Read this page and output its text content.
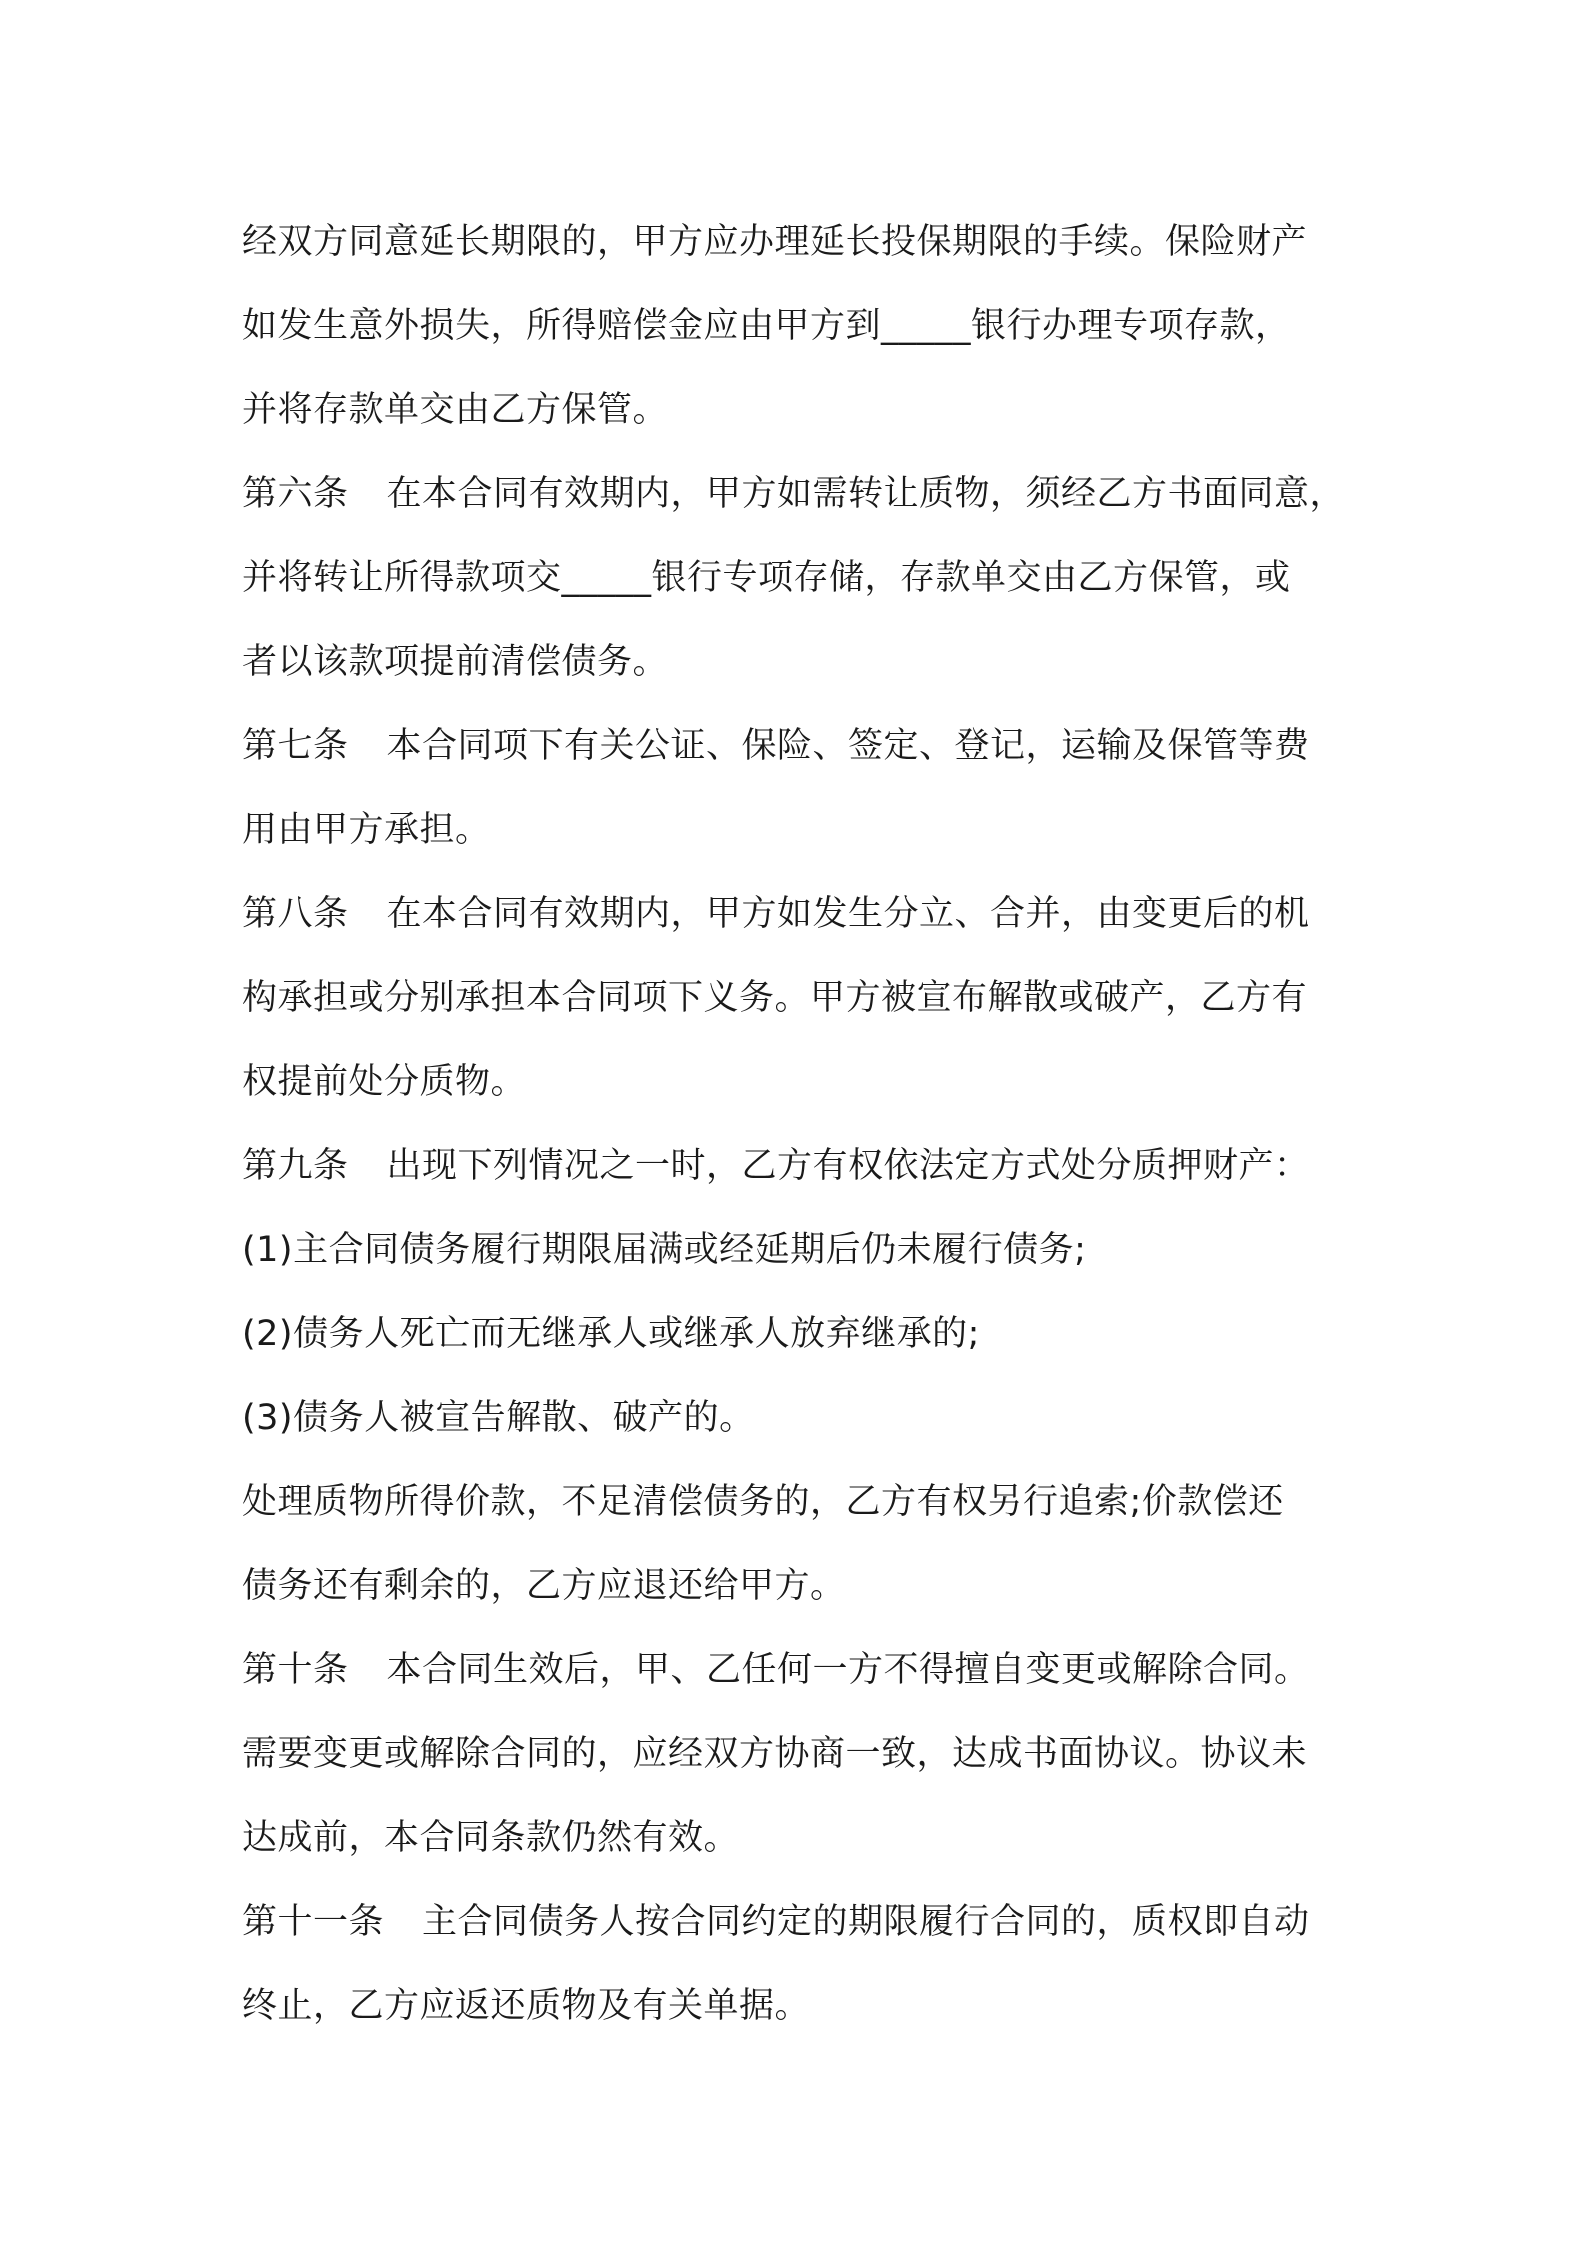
经双方同意延长期限的，甲方应办理延长投保期限的手续。保险财产
如发生意外损失，所得赔偿金应由甲方到_____银行办理专项存款，
并将存款单交由乙方保管。
第六条 在本合同有效期内，甲方如需转让质物，须经乙方书面同意，
并将转让所得款项交_____银行专项存储，存款单交由乙方保管，或
者以该款项提前清偿债务。
第七条 本合同项下有关公证、保险、签定、登记，运输及保管等费
用由甲方承担。
第八条 在本合同有效期内，甲方如发生分立、合并，由变更后的机
构承担或分别承担本合同项下义务。甲方被宣布解散或破产，乙方有
权提前处分质物。
第九条 出现下列情况之一时，乙方有权依法定方式处分质押财产：
(1)主合同债务履行期限届满或经延期后仍未履行债务;
(2)债务人死亡而无继承人或继承人放弃继承的;
(3)债务人被宣告解散、破产的。
处理质物所得价款，不足清偿债务的，乙方有权另行追索;价款偿还
债务还有剩余的，乙方应退还给甲方。
第十条 本合同生效后，甲、乙任何一方不得擅自变更或解除合同。
需要变更或解除合同的，应经双方协商一致，达成书面协议。协议未
达成前，本合同条款仍然有效。
第十一条 主合同债务人按合同约定的期限履行合同的，质权即自动
终止，乙方应返还质物及有关单据。
